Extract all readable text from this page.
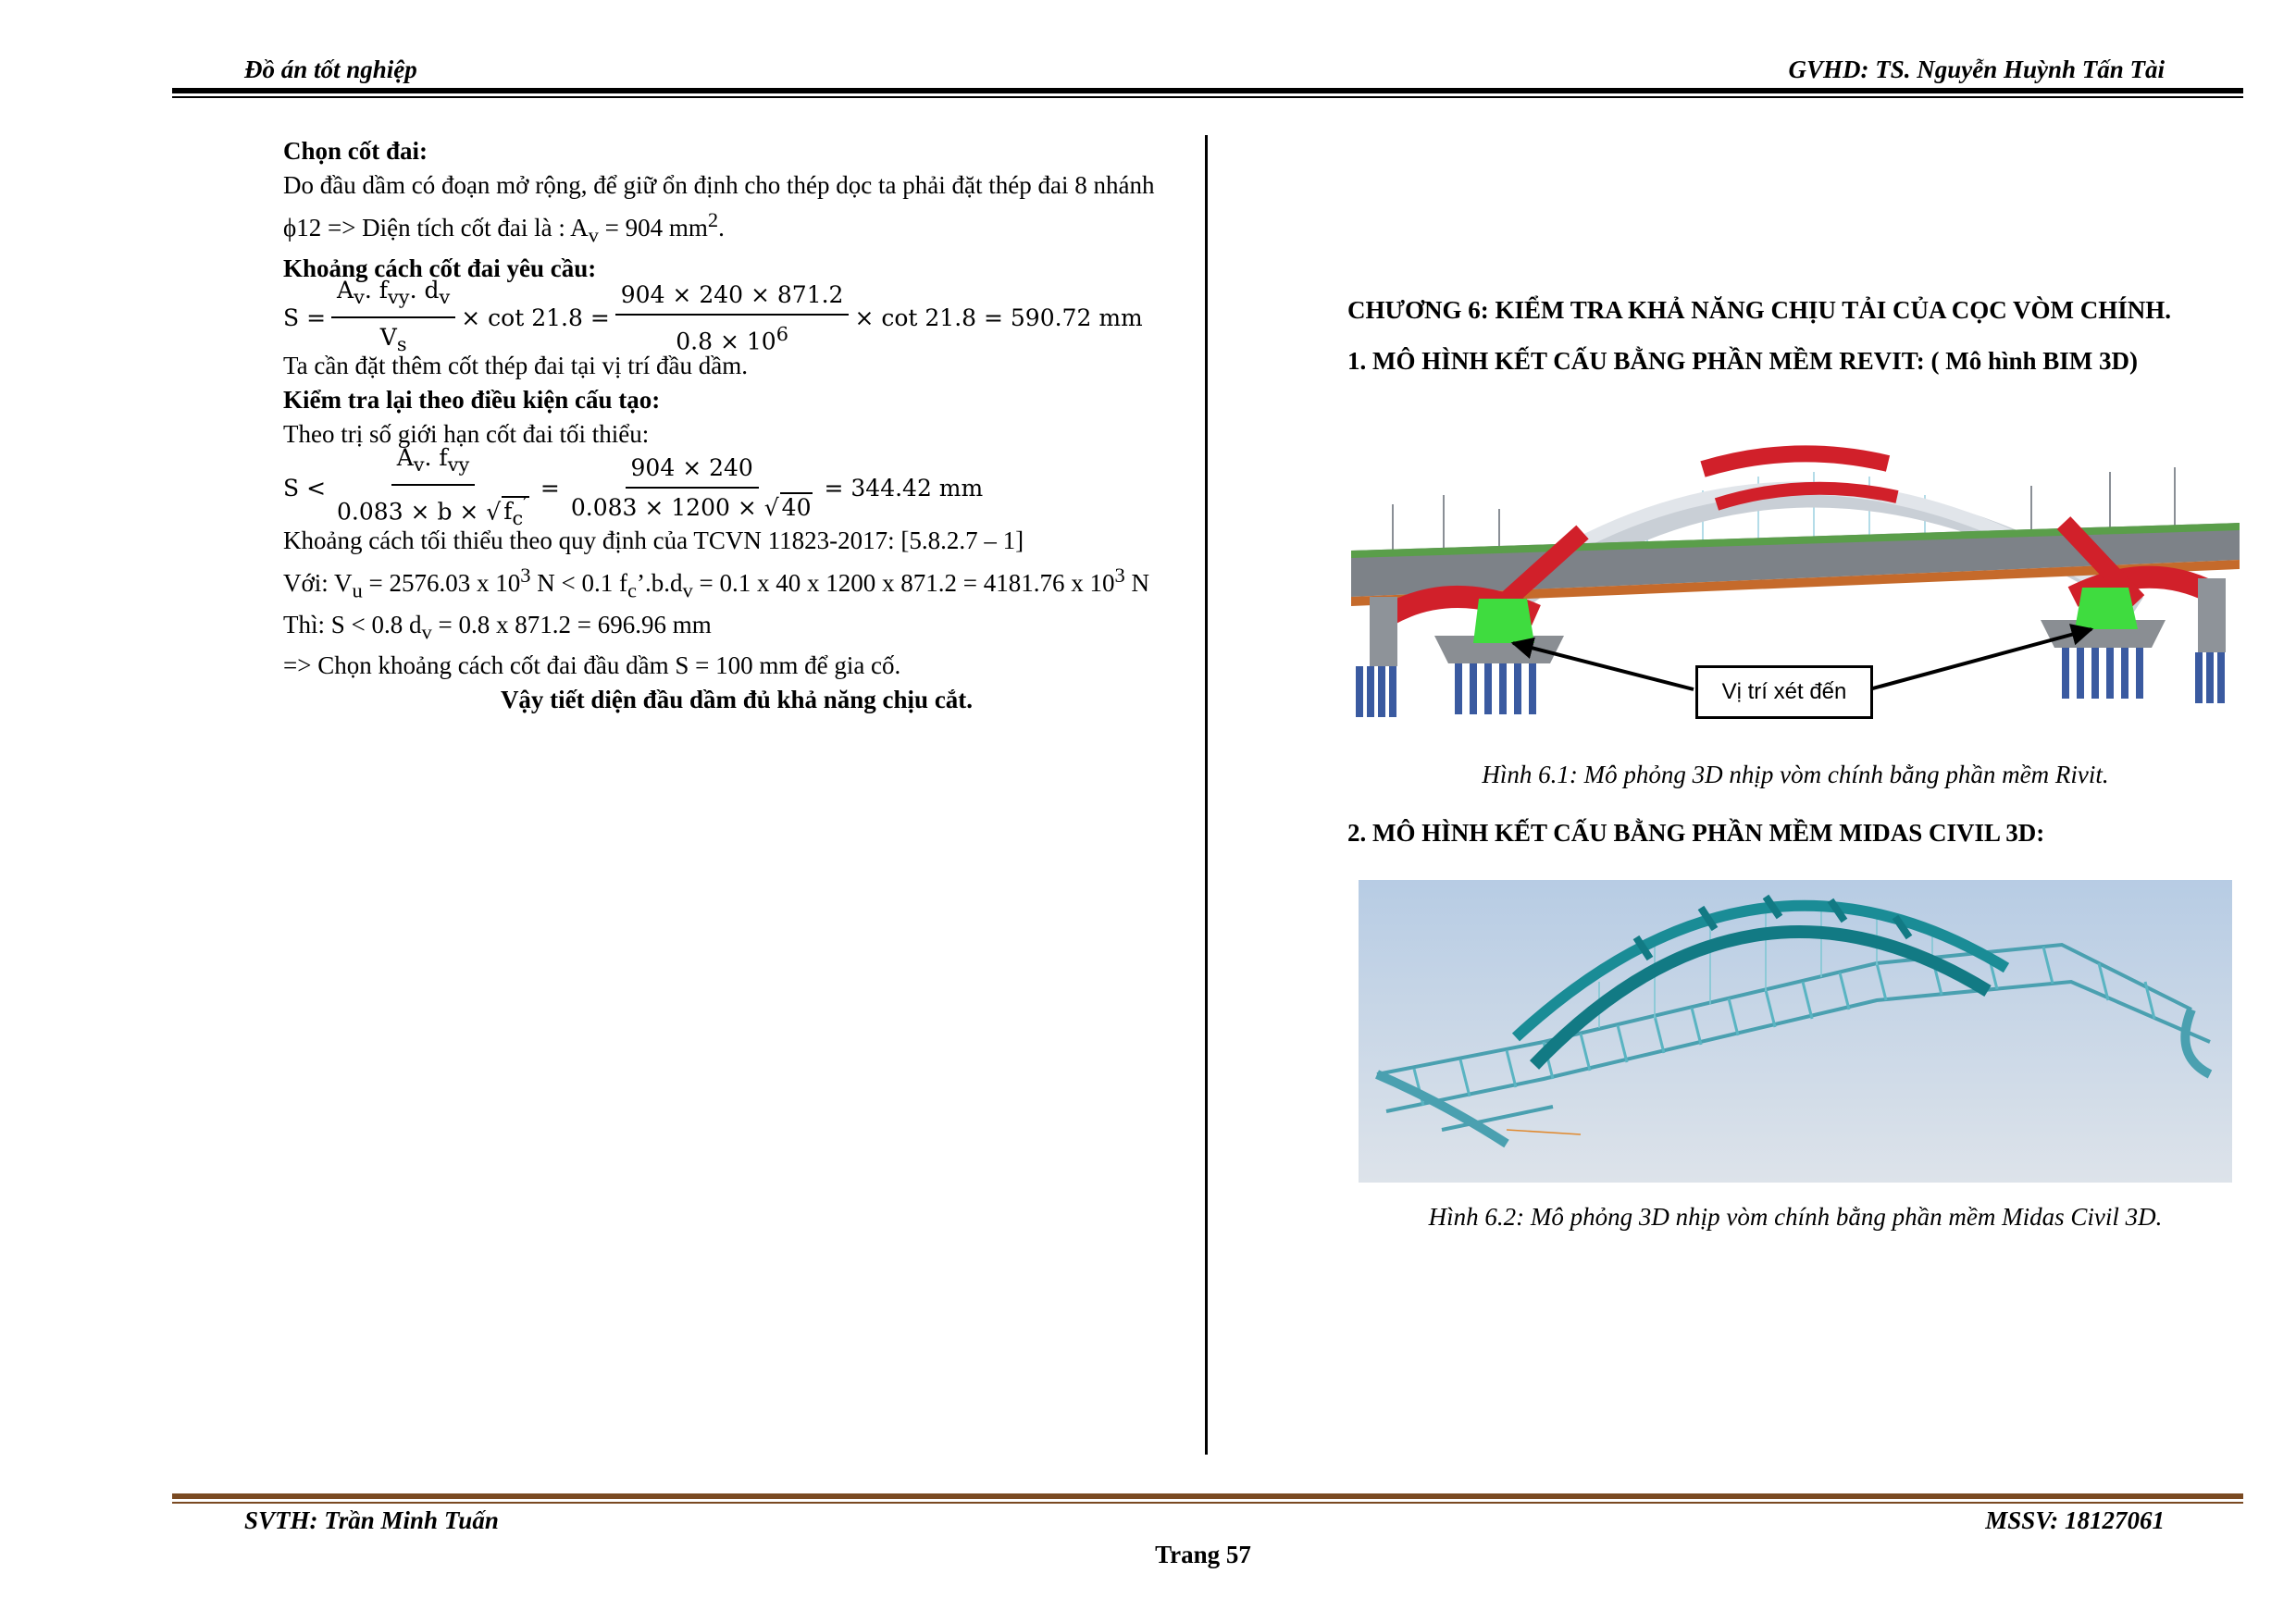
Đồ án tốt nghiệp	GVHD: TS. Nguyễn Huỳnh Tấn Tài

Chọn cốt đai:

Do đầu dầm có đoạn mở rộng, để giữ ổn định cho thép dọc ta phải đặt thép đai 8 nhánh

ϕ12 => Diện tích cốt đai là : $A_v = 904$ $mm^2$.

Khoảng cách cốt đai yêu cầu:

$S = \frac{A_v. f_{vy}. d_v}{V_s} \times \cot 21.8 = \frac{904 \times 240 \times 871.2}{0.8 \times 10^6} \times \cot 21.8 = 590.72$ mm

Ta cần đặt thêm cốt thép đai tại vị trí đầu dầm.

Kiểm tra lại theo điều kiện cấu tạo:

Theo trị số giới hạn cốt đai tối thiểu:

$S < \frac{A_v. f_{vy}}{0.083 \times b \times √ f_c'} = \frac{904 \times 240}{0.083 \times 1200 \times √ 40} = 344.42$ mm

Khoảng cách tối thiểu theo quy định của TCVN 11823-2017: [5.8.2.7 – 1]

Với: $V_u = 2576.03$ x $10^3$ N < 0.1 $f_c’.b.d_v = 0.1$ x 40 x 1200 x 871.2 = 4181.76 x $10^3$ N

Thì: S < 0.8 $d_v = 0.8$ x 871.2 = 696.96 mm

=> Chọn khoảng cách cốt đai đầu dầm S = 100 mm để gia cố.

Vậy tiết diện đầu dầm đủ khả năng chịu cắt.

CHƯƠNG 6: KIỂM TRA KHẢ NĂNG CHỊU TẢI CỦA CỌC VÒM CHÍNH.
1. MÔ HÌNH KẾT CẤU BẰNG PHẦN MỀM REVIT: ( Mô hình BIM 3D)
Vị trí xét đến
Hình 6.1: Mô phỏng 3D nhịp vòm chính bằng phần mềm Rivit.
2. MÔ HÌNH KẾT CẤU BẰNG PHẦN MỀM MIDAS CIVIL 3D:
Hình 6.2: Mô phỏng 3D nhịp vòm chính bằng phần mềm Midas Civil 3D.
SVTH: Trần Minh Tuấn	MSSV: 18127061
Trang 57
